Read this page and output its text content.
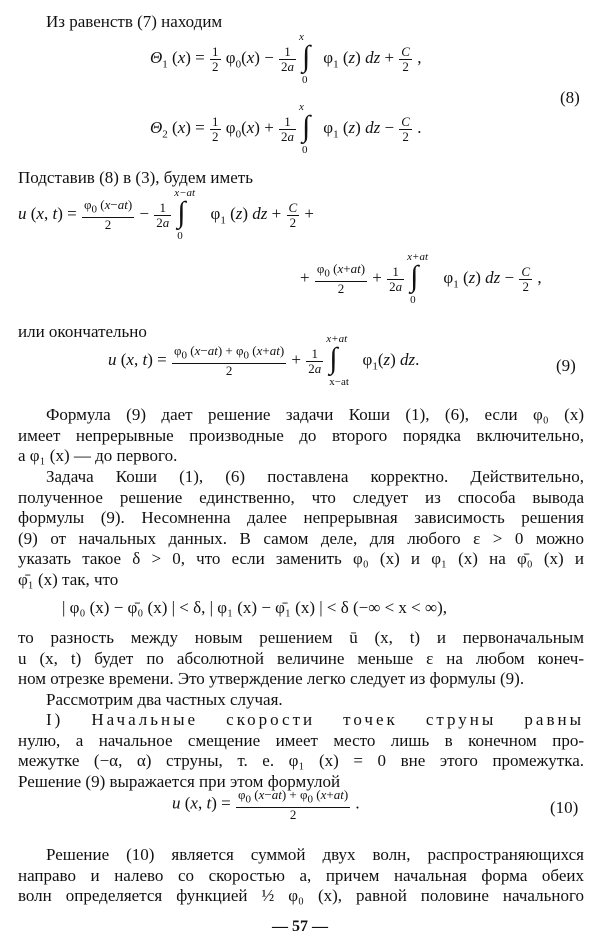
Из равенств (7) находим
$\Theta_1$ $(x) = \frac{1}{2} \varphi_0(x) - \frac{1}{2a}$
x
∫
0
$\varphi_1$ (z) dz + $\frac{C}{2}$ ,
(8)
$\Theta_2$ $(x) = \frac{1}{2} \varphi_0(x) + \frac{1}{2a}$
x
∫
0
$\varphi_1$ (z) dz − $\frac{C}{2}$ .
Подставив (8) в (3), будем иметь
u (x, $t) = \frac{\varphi_0 (x-at)}{2} - \frac{1}{2a}$
x−at
∫
0
$\varphi_1$ (z) dz + $\frac{C}{2}$ +
+ $\frac{\varphi_0 (x+at)}{2} + \frac{1}{2a}$
x+at
∫
0
$\varphi_1$ (z) dz − $\frac{C}{2}$ ,
или окончательно
u (x, $t) = \frac{\varphi_0 (x-at) + \varphi_0 (x+at)}{2} + \frac{1}{2a}$
x+at
∫
x−at
$\varphi_1(z)$ dz.	(9)
Формула (9) дает решение задачи Коши (1), (6), если φ₀ (x)
имеет непрерывные производные до второго порядка включительно,
а φ₁ (x) — до первого.
Задача Коши (1), (6) поставлена корректно. Действительно,
полученное решение единственно, что следует из способа вывода
формулы (9). Несомненна далее непрерывная зависимость решения
(9) от начальных данных. В самом деле, для любого ε > 0 можно
указать такое δ > 0, что если заменить φ₀ (x) и φ₁ (x) на φ̄₀ (x) и
φ̄₁ (x) так, что
| φ₀ (x) − φ̄₀ (x) | < δ, | φ₁ (x) − φ̄₁ (x) | < δ (−∞ < x < ∞),
то разность между новым решением ū (x, t) и первоначальным
u (x, t) будет по абсолютной величине меньше ε на любом конеч-
ном отрезке времени. Это утверждение легко следует из формулы (9).
Рассмотрим два частных случая.
I) Начальные скорости точек струны равны
нулю, а начальное смещение имеет место лишь в конечном про-
межутке (−α, α) струны, т. е. φ₁ (x) = 0 вне этого промежутка.
Решение (9) выражается при этом формулой
u (x, $t) = \frac{\varphi_0 (x-at) + \varphi_0 (x+at)}{2}$ .	(10)
Решение (10) является суммой двух волн, распространяющихся
направо и налево со скоростью a, причем начальная форма обеих
волн определяется функцией ½ φ₀ (x), равной половине начального
— 57 —
